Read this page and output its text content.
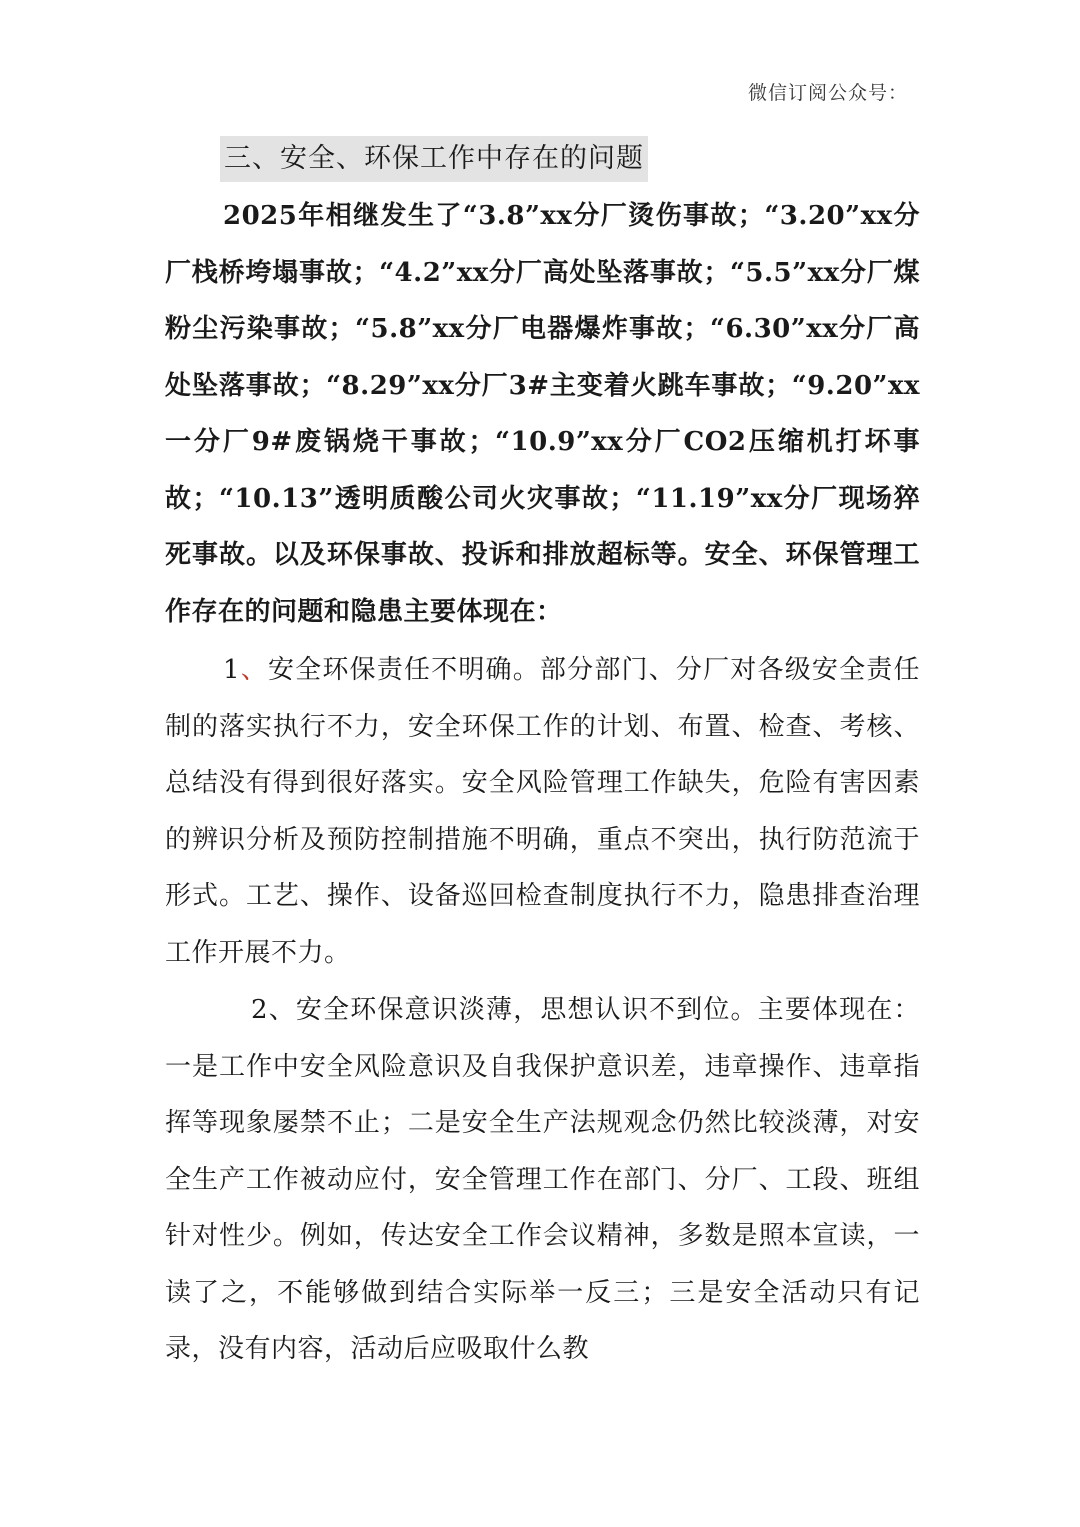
微信订阅公众号：
三、安全、环保工作中存在的问题
2025年相继发生了“3.8”xx分厂烫伤事故；“3.20”xx分厂栈桥垮塌事故；“4.2”xx分厂高处坠落事故；“5.5”xx分厂煤粉尘污染事故；“5.8”xx分厂电器爆炸事故；“6.30”xx分厂高处坠落事故；“8.29”xx分厂3#主变着火跳车事故；“9.20”xx一分厂9#废锅烧干事故；“10.9”xx分厂CO2压缩机打坏事故；“10.13”透明质酸公司火灾事故；“11.19”xx分厂现场猝死事故。以及环保事故、投诉和排放超标等。安全、环保管理工作存在的问题和隐患主要体现在：
1、安全环保责任不明确。部分部门、分厂对各级安全责任制的落实执行不力，安全环保工作的计划、布置、检查、考核、总结没有得到很好落实。安全风险管理工作缺失，危险有害因素的辨识分析及预防控制措施不明确，重点不突出，执行防范流于形式。工艺、操作、设备巡回检查制度执行不力，隐患排查治理工作开展不力。
2、安全环保意识淡薄，思想认识不到位。主要体现在：一是工作中安全风险意识及自我保护意识差，违章操作、违章指挥等现象屡禁不止；二是安全生产法规观念仍然比较淡薄，对安全生产工作被动应付，安全管理工作在部门、分厂、工段、班组针对性少。例如，传达安全工作会议精神，多数是照本宣读，一读了之，不能够做到结合实际举一反三；三是安全活动只有记录，没有内容，活动后应吸取什么教
